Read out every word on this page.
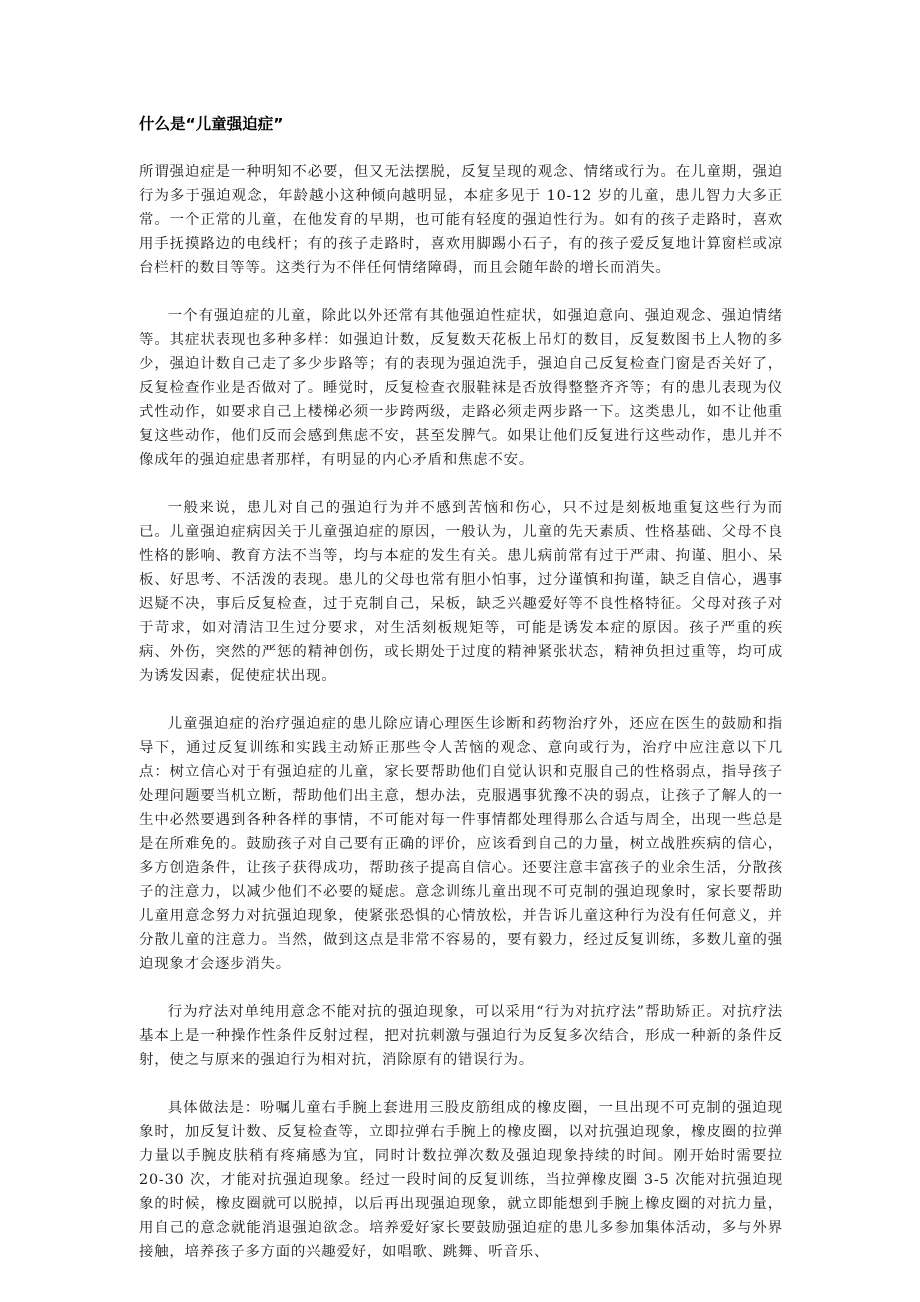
什么是“儿童强迫症”

所谓强迫症是一种明知不必要，但又无法摆脱，反复呈现的观念、情绪或行为。在儿童期，强迫行为多于强迫观念，年龄越小这种倾向越明显，本症多见于 10-12 岁的儿童，患儿智力大多正常。一个正常的儿童，在他发育的早期，也可能有轻度的强迫性行为。如有的孩子走路时，喜欢用手抚摸路边的电线杆；有的孩子走路时，喜欢用脚踢小石子，有的孩子爱反复地计算窗栏或凉台栏杆的数目等等。这类行为不伴任何情绪障碍，而且会随年龄的增长而消失。

一个有强迫症的儿童，除此以外还常有其他强迫性症状，如强迫意向、强迫观念、强迫情绪等。其症状表现也多种多样：如强迫计数，反复数天花板上吊灯的数目，反复数图书上人物的多少，强迫计数自己走了多少步路等；有的表现为强迫洗手，强迫自己反复检查门窗是否关好了，反复检查作业是否做对了。睡觉时，反复检查衣服鞋袜是否放得整整齐齐等；有的患儿表现为仪式性动作，如要求自己上楼梯必须一步跨两级，走路必须走两步路一下。这类患儿，如不让他重复这些动作，他们反而会感到焦虑不安，甚至发脾气。如果让他们反复进行这些动作，患儿并不像成年的强迫症患者那样，有明显的内心矛盾和焦虑不安。

一般来说，患儿对自己的强迫行为并不感到苦恼和伤心，只不过是刻板地重复这些行为而已。儿童强迫症病因关于儿童强迫症的原因，一般认为，儿童的先天素质、性格基础、父母不良性格的影响、教育方法不当等，均与本症的发生有关。患儿病前常有过于严肃、拘谨、胆小、呆板、好思考、不活泼的表现。患儿的父母也常有胆小怕事，过分谨慎和拘谨，缺乏自信心，遇事迟疑不决，事后反复检查，过于克制自己，呆板，缺乏兴趣爱好等不良性格特征。父母对孩子对于苛求，如对清洁卫生过分要求，对生活刻板规矩等，可能是诱发本症的原因。孩子严重的疾病、外伤，突然的严惩的精神创伤，或长期处于过度的精神紧张状态，精神负担过重等，均可成为诱发因素，促使症状出现。

儿童强迫症的治疗强迫症的患儿除应请心理医生诊断和药物治疗外，还应在医生的鼓励和指导下，通过反复训练和实践主动矫正那些令人苦恼的观念、意向或行为，治疗中应注意以下几点：树立信心对于有强迫症的儿童，家长要帮助他们自觉认识和克服自己的性格弱点，指导孩子处理问题要当机立断，帮助他们出主意，想办法，克服遇事犹豫不决的弱点，让孩子了解人的一生中必然要遇到各种各样的事情，不可能对每一件事情都处理得那么合适与周全，出现一些总是是在所难免的。鼓励孩子对自己要有正确的评价，应该看到自己的力量，树立战胜疾病的信心，多方创造条件，让孩子获得成功，帮助孩子提高自信心。还要注意丰富孩子的业余生活，分散孩子的注意力，以减少他们不必要的疑虑。意念训练儿童出现不可克制的强迫现象时，家长要帮助儿童用意念努力对抗强迫现象，使紧张恐惧的心情放松，并告诉儿童这种行为没有任何意义，并分散儿童的注意力。当然，做到这点是非常不容易的，要有毅力，经过反复训练，多数儿童的强迫现象才会逐步消失。

行为疗法对单纯用意念不能对抗的强迫现象，可以采用“行为对抗疗法”帮助矫正。对抗疗法基本上是一种操作性条件反射过程，把对抗刺激与强迫行为反复多次结合，形成一种新的条件反射，使之与原来的强迫行为相对抗，消除原有的错误行为。

具体做法是：吩嘱儿童右手腕上套进用三股皮筋组成的橡皮圈，一旦出现不可克制的强迫现象时，加反复计数、反复检查等，立即拉弹右手腕上的橡皮圈，以对抗强迫现象，橡皮圈的拉弹力量以手腕皮肤稍有疼痛感为宜，同时计数拉弹次数及强迫现象持续的时间。刚开始时需要拉 20-30 次，才能对抗强迫现象。经过一段时间的反复训练，当拉弹橡皮圈 3-5 次能对抗强迫现象的时候，橡皮圈就可以脱掉，以后再出现强迫现象，就立即能想到手腕上橡皮圈的对抗力量，用自己的意念就能消退强迫欲念。培养爱好家长要鼓励强迫症的患儿多参加集体活动，多与外界接触，培养孩子多方面的兴趣爱好，如唱歌、跳舞、听音乐、
